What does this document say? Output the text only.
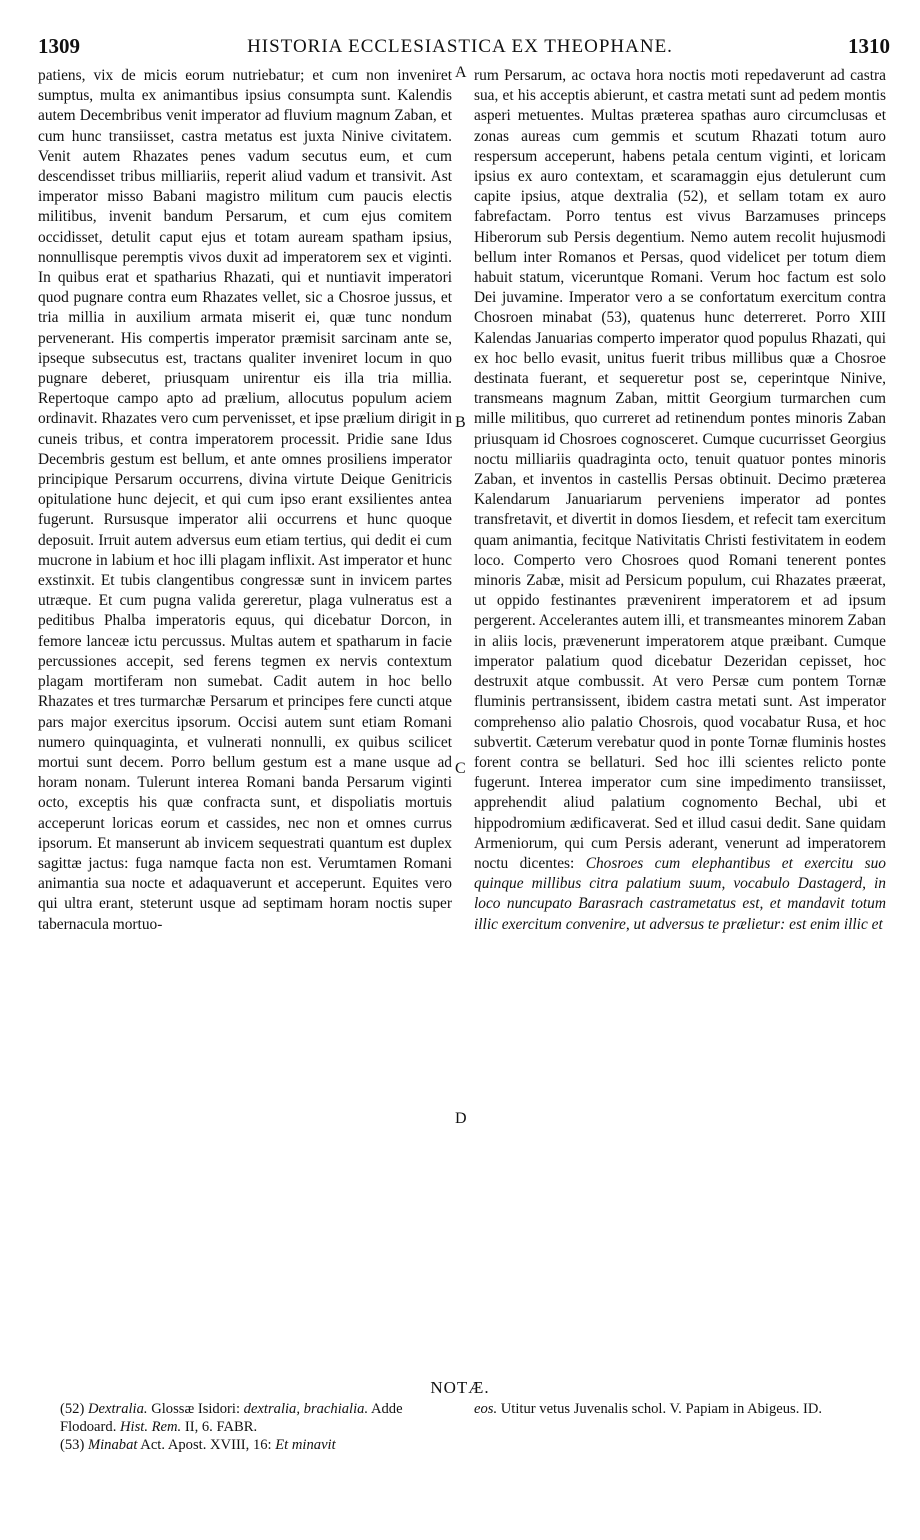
1309	HISTORIA ECCLESIASTICA EX THEOPHANE.	1310

patiens, vix de micis eorum nutriebatur; et cum non inveniret sumptus, multa ex animantibus ipsius consumpta sunt. Kalendis autem Decembribus venit imperator ad fluvium magnum Zaban, et cum hunc transiisset, castra metatus est juxta Ninive civitatem. Venit autem Rhazates penes vadum secutus eum, et cum descendisset tribus milliariis, reperit aliud vadum et transivit. Ast imperator misso Babani magistro militum cum paucis electis militibus, invenit bandum Persarum, et cum ejus comitem occidisset, detulit caput ejus et totam auream spatham ipsius, nonnullisque peremptis vivos duxit ad imperatorem sex et viginti. In quibus erat et spatharius Rhazati, qui et nuntiavit imperatori quod pugnare contra eum Rhazates vellet, sic a Chosroe jussus, et tria millia in auxilium armata miserit ei, quæ tunc nondum pervenerant. His compertis imperator præmisit sarcinam ante se, ipseque subsecutus est, tractans qualiter inveniret locum in quo pugnare deberet, priusquam unirentur eis illa tria millia. Repertoque campo apto ad prælium, allocutus populum aciem ordinavit. Rhazates vero cum pervenisset, et ipse prælium dirigit in cuneis tribus, et contra imperatorem processit. Pridie sane Idus Decembris gestum est bellum, et ante omnes prosiliens imperator principique Persarum occurrens, divina virtute Deique Genitricis opitulatione hunc dejecit, et qui cum ipso erant exsilientes antea fugerunt. Rursusque imperator alii occurrens et hunc quoque deposuit. Irruit autem adversus eum etiam tertius, qui dedit ei cum mucrone in labium et hoc illi plagam inflixit. Ast imperator et hunc exstinxit. Et tubis clangentibus congressæ sunt in invicem partes utræque. Et cum pugna valida gereretur, plaga vulneratus est a peditibus Phalba imperatoris equus, qui dicebatur Dorcon, in femore lanceæ ictu percussus. Multas autem et spatharum in facie percussiones accepit, sed ferens tegmen ex nervis contextum plagam mortiferam non sumebat. Cadit autem in hoc bello Rhazates et tres turmarchæ Persarum et principes fere cuncti atque pars major exercitus ipsorum. Occisi autem sunt etiam Romani numero quinquaginta, et vulnerati nonnulli, ex quibus scilicet mortui sunt decem. Porro bellum gestum est a mane usque ad horam nonam. Tulerunt interea Romani banda Persarum viginti octo, exceptis his quæ confracta sunt, et dispoliatis mortuis acceperunt loricas eorum et cassides, nec non et omnes currus ipsorum. Et manserunt ab invicem sequestrati quantum est duplex sagittæ jactus: fuga namque facta non est. Verumtamen Romani animantia sua nocte et adaquaverunt et acceperunt. Equites vero qui ultra erant, steterunt usque ad septimam horam noctis super tabernacula mortuo-

rum Persarum, ac octava hora noctis moti repedaverunt ad castra sua, et his acceptis abierunt, et castra metati sunt ad pedem montis asperi metuentes. Multas præterea spathas auro circumclusas et zonas aureas cum gemmis et scutum Rhazati totum auro respersum acceperunt, habens petala centum viginti, et loricam ipsius ex auro contextam, et scaramaggin ejus detulerunt cum capite ipsius, atque dextralia (52), et sellam totam ex auro fabrefactam. Porro tentus est vivus Barzamuses princeps Hiberorum sub Persis degentium. Nemo autem recolit hujusmodi bellum inter Romanos et Persas, quod videlicet per totum diem habuit statum, viceruntque Romani. Verum hoc factum est solo Dei juvamine. Imperator vero a se confortatum exercitum contra Chosroen minabat (53), quatenus hunc deterreret. Porro XIII Kalendas Januarias comperto imperator quod populus Rhazati, qui ex hoc bello evasit, unitus fuerit tribus millibus quæ a Chosroe destinata fuerant, et sequeretur post se, ceperintque Ninive, transmeans magnum Zaban, mittit Georgium turmarchen cum mille militibus, quo curreret ad retinendum pontes minoris Zaban priusquam id Chosroes cognosceret. Cumque cucurrisset Georgius noctu milliariis quadraginta octo, tenuit quatuor pontes minoris Zaban, et inventos in castellis Persas obtinuit. Decimo præterea Kalendarum Januariarum perveniens imperator ad pontes transfretavit, et divertit in domos Iiesdem, et refecit tam exercitum quam animantia, fecitque Nativitatis Christi festivitatem in eodem loco. Comperto vero Chosroes quod Romani tenerent pontes minoris Zabæ, misit ad Persicum populum, cui Rhazates præerat, ut oppido festinantes prævenirent imperatorem et ad ipsum pergerent. Accelerantes autem illi, et transmeantes minorem Zaban in aliis locis, prævenerunt imperatorem atque præibant. Cumque imperator palatium quod dicebatur Dezeridan cepisset, hoc destruxit atque combussit. At vero Persæ cum pontem Tornæ fluminis pertransissent, ibidem castra metati sunt. Ast imperator comprehenso alio palatio Chosrois, quod vocabatur Rusa, et hoc subvertit. Cæterum verebatur quod in ponte Tornæ fluminis hostes forent contra se bellaturi. Sed hoc illi scientes relicto ponte fugerunt. Interea imperator cum sine impedimento transiisset, apprehendit aliud palatium cognomento Bechal, ubi et hippodromium ædificaverat. Sed et illud casui dedit. Sane quidam Armeniorum, qui cum Persis aderant, venerunt ad imperatorem noctu dicentes: Chosroes cum elephantibus et exercitu suo quinque millibus citra palatium suum, vocabulo Dastagerd, in loco nuncupato Barasrach castrametatus est, et mandavit totum illic exercitum convenire, ut adversus te prælietur: est enim illic et

A
B
C
D
NOTÆ.

(52) Dextralia. Glossæ Isidori: dextralia, brachialia. Adde Flodoard. Hist. Rem. II, 6. FABR.
(53) Minabat Act. Apost. XVIII, 16: Et minavit

eos. Utitur vetus Juvenalis schol. V. Papiam in Abigeus. ID.
